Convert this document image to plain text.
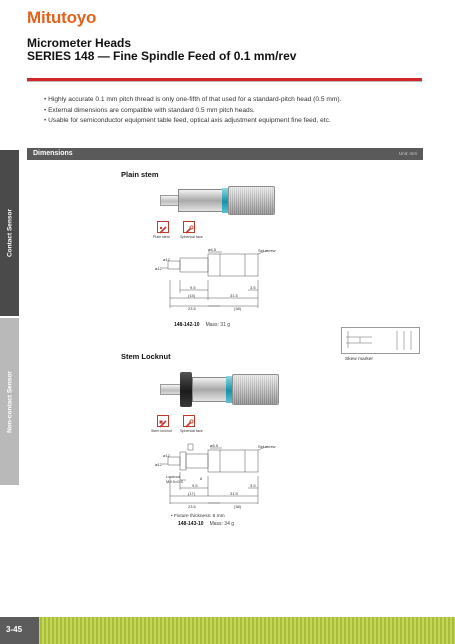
Mitutoyo
Micrometer Heads
SERIES 148 — Fine Spindle Feed of 0.1 mm/rev
• Highly accurate 0.1 mm pitch thread is only one-fifth of that used for a standard-pitch head (0.5 mm).
• External dimensions are compatible with standard 0.5 mm pitch heads.
• Usable for semiconductor equipment table feed, optical axis adjustment equipment fine feed, etc.
Contact Sensor
Non-contact Sensor
Dimensions	Unit: mm
Plain stem
Plain stem	Spherical face
ø6.5
ø12
ø12
Set screw
9.5
(15)
23.5
31.5
(38)
3.5
148-142-10 Mass: 31 g
Skew marker
Stem Locknut
Stem locknut Spherical face
ø6.5
ø12
ø12
Set screw
Locknut
M9.5×0.5
6
9.5
(17)
23.5
31.5
(38)
3.5
• Fixture thickness: 6 mm
148-143-10 Mass: 34 g
3-45
